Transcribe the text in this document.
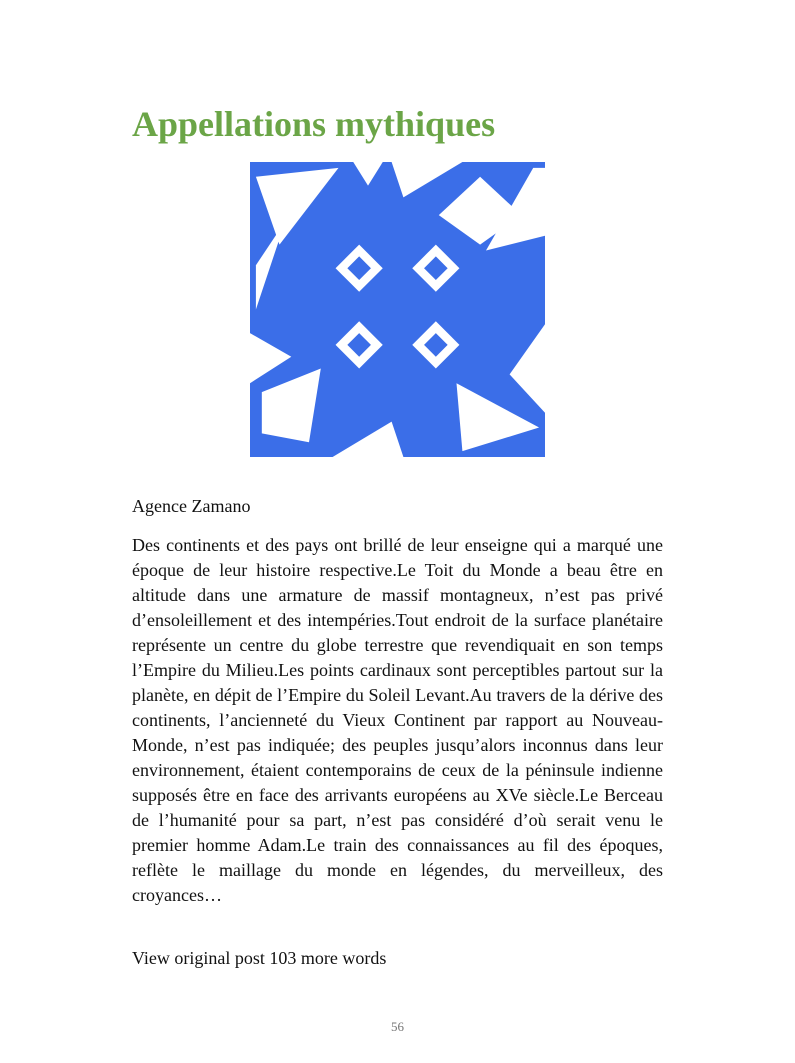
Appellations mythiques

Agence Zamano

Des continents et des pays ont brillé de leur enseigne qui a marqué une époque de leur histoire respective.Le Toit du Monde a beau être en altitude dans une armature de massif montagneux, n’est pas privé d’ensoleillement et des intempéries.Tout endroit de la surface planétaire représente un centre du globe terrestre que revendiquait en son temps l’Empire du Milieu.Les points cardinaux sont perceptibles partout sur la planète, en dépit de l’Empire du Soleil Levant.Au travers de la dérive des continents, l’ancienneté du Vieux Continent par rapport au Nouveau-Monde, n’est pas indiquée; des peuples jusqu’alors inconnus dans leur environnement, étaient contemporains de ceux de la péninsule indienne supposés être en face des arrivants européens au XVe siècle.Le Berceau de l’humanité pour sa part, n’est pas considéré d’où serait venu le premier homme Adam.Le train des connaissances au fil des époques, reflète le maillage du monde en légendes, du merveilleux, des croyances…

View original post 103 more words

56
